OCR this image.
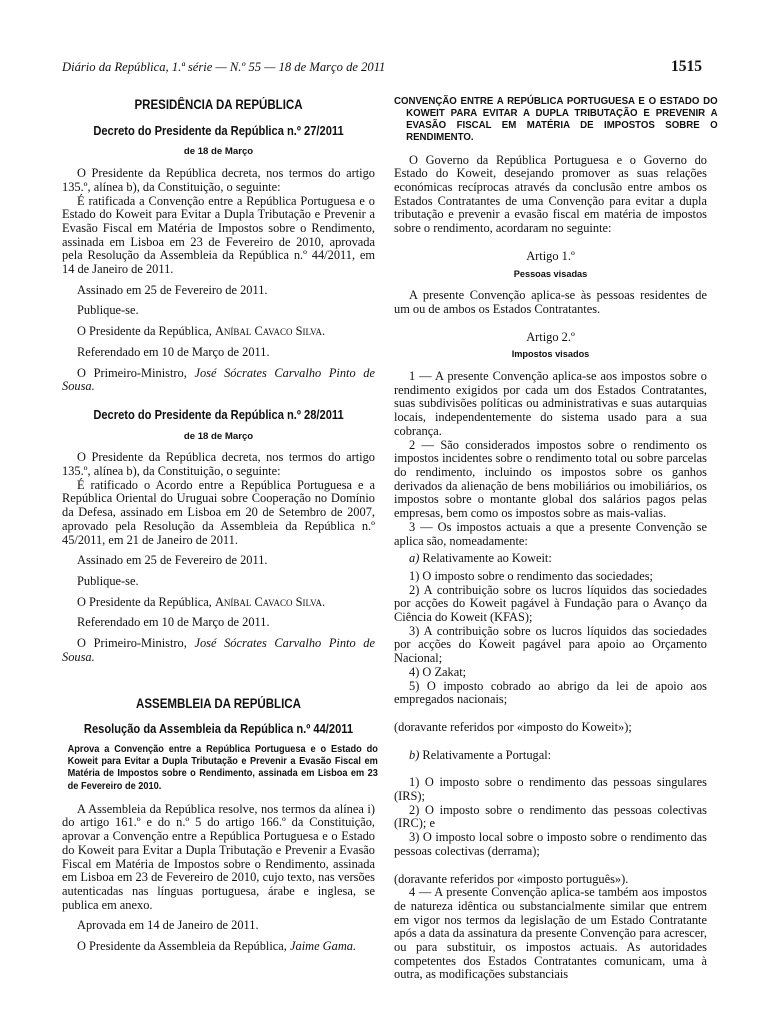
Diário da República, 1.ª série — N.º 55 — 18 de Março de 2011	1515
PRESIDÊNCIA DA REPÚBLICA
Decreto do Presidente da República n.º 27/2011
de 18 de Março

O Presidente da República decreta, nos termos do artigo 135.º, alínea b), da Constituição, o seguinte:

É ratificada a Convenção entre a República Portuguesa e o Estado do Koweit para Evitar a Dupla Tributação e Prevenir a Evasão Fiscal em Matéria de Impostos sobre o Rendimento, assinada em Lisboa em 23 de Fevereiro de 2010, aprovada pela Resolução da Assembleia da República n.º 44/2011, em 14 de Janeiro de 2011.

Assinado em 25 de Fevereiro de 2011.

Publique-se.

O Presidente da República, Aníbal Cavaco Silva.

Referendado em 10 de Março de 2011.

O Primeiro-Ministro, José Sócrates Carvalho Pinto de Sousa.

Decreto do Presidente da República n.º 28/2011
de 18 de Março

O Presidente da República decreta, nos termos do artigo 135.º, alínea b), da Constituição, o seguinte:

É ratificado o Acordo entre a República Portuguesa e a República Oriental do Uruguai sobre Cooperação no Domínio da Defesa, assinado em Lisboa em 20 de Setembro de 2007, aprovado pela Resolução da Assembleia da República n.º 45/2011, em 21 de Janeiro de 2011.

Assinado em 25 de Fevereiro de 2011.

Publique-se.

O Presidente da República, Aníbal Cavaco Silva.

Referendado em 10 de Março de 2011.

O Primeiro-Ministro, José Sócrates Carvalho Pinto de Sousa.

ASSEMBLEIA DA REPÚBLICA
Resolução da Assembleia da República n.º 44/2011
Aprova a Convenção entre a República Portuguesa e o Estado do Koweit para Evitar a Dupla Tributação e Prevenir a Evasão Fiscal em Matéria de Impostos sobre o Rendimento, assinada em Lisboa em 23 de Fevereiro de 2010.

A Assembleia da República resolve, nos termos da alínea i) do artigo 161.º e do n.º 5 do artigo 166.º da Constituição, aprovar a Convenção entre a República Portuguesa e o Estado do Koweit para Evitar a Dupla Tributação e Prevenir a Evasão Fiscal em Matéria de Impostos sobre o Rendimento, assinada em Lisboa em 23 de Fevereiro de 2010, cujo texto, nas versões autenticadas nas línguas portuguesa, árabe e inglesa, se publica em anexo.

Aprovada em 14 de Janeiro de 2011.

O Presidente da Assembleia da República, Jaime Gama.

CONVENÇÃO ENTRE A REPÚBLICA PORTUGUESA E O ESTADO DO KOWEIT PARA EVITAR A DUPLA TRIBUTAÇÃO E PREVENIR A EVASÃO FISCAL EM MATÉRIA DE IMPOSTOS SOBRE O RENDIMENTO.

O Governo da República Portuguesa e o Governo do Estado do Koweit, desejando promover as suas relações económicas recíprocas através da conclusão entre ambos os Estados Contratantes de uma Convenção para evitar a dupla tributação e prevenir a evasão fiscal em matéria de impostos sobre o rendimento, acordaram no seguinte:

Artigo 1.º
Pessoas visadas

A presente Convenção aplica-se às pessoas residentes de um ou de ambos os Estados Contratantes.

Artigo 2.º
Impostos visados

1 — A presente Convenção aplica-se aos impostos sobre o rendimento exigidos por cada um dos Estados Contratantes, suas subdivisões políticas ou administrativas e suas autarquias locais, independentemente do sistema usado para a sua cobrança.

2 — São considerados impostos sobre o rendimento os impostos incidentes sobre o rendimento total ou sobre parcelas do rendimento, incluindo os impostos sobre os ganhos derivados da alienação de bens mobiliários ou imobiliários, os impostos sobre o montante global dos salários pagos pelas empresas, bem como os impostos sobre as mais-valias.

3 — Os impostos actuais a que a presente Convenção se aplica são, nomeadamente:

a) Relativamente ao Koweit:

1) O imposto sobre o rendimento das sociedades;

2) A contribuição sobre os lucros líquidos das sociedades por acções do Koweit pagável à Fundação para o Avanço da Ciência do Koweit (KFAS);

3) A contribuição sobre os lucros líquidos das sociedades por acções do Koweit pagável para apoio ao Orçamento Nacional;

4) O Zakat;

5) O imposto cobrado ao abrigo da lei de apoio aos empregados nacionais;

(doravante referidos por «imposto do Koweit»);

b) Relativamente a Portugal:

1) O imposto sobre o rendimento das pessoas singulares (IRS);

2) O imposto sobre o rendimento das pessoas colectivas (IRC); e

3) O imposto local sobre o imposto sobre o rendimento das pessoas colectivas (derrama);

(doravante referidos por «imposto português»).

4 — A presente Convenção aplica-se também aos impostos de natureza idêntica ou substancialmente similar que entrem em vigor nos termos da legislação de um Estado Contratante após a data da assinatura da presente Convenção para acrescer, ou para substituir, os impostos actuais. As autoridades competentes dos Estados Contratantes comunicam, uma à outra, as modificações substanciais
